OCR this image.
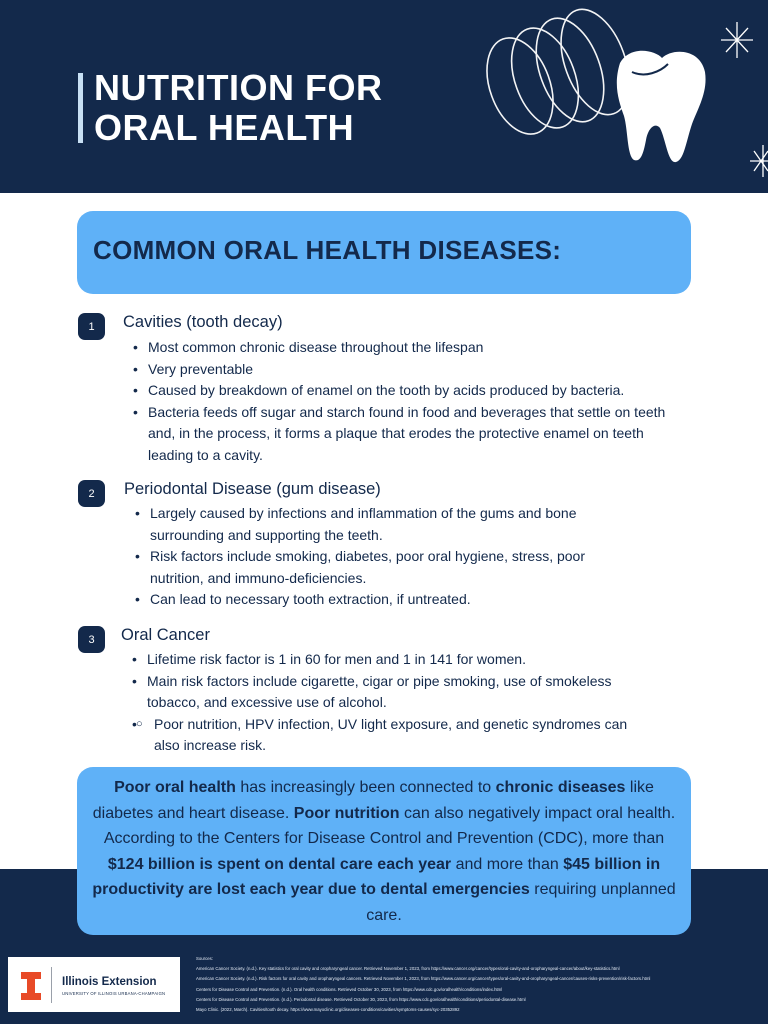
NUTRITION FOR
ORAL HEALTH
COMMON ORAL HEALTH DISEASES:
1	Cavities (tooth decay)
• Most common chronic disease throughout the lifespan
• Very preventable
• Caused by breakdown of enamel on the tooth by acids produced by bacteria.
• Bacteria feeds off sugar and starch found in food and beverages that settle on teeth and, in the process, it forms a plaque that erodes the protective enamel on teeth leading to a cavity.
2	Periodontal Disease (gum disease)
• Largely caused by infections and inflammation of the gums and bone surrounding and supporting the teeth.
• Risk factors include smoking, diabetes, poor oral hygiene, stress, poor nutrition, and immuno-deficiencies.
• Can lead to necessary tooth extraction, if untreated.
3	Oral Cancer
• Lifetime risk factor is 1 in 60 for men and 1 in 141 for women.
• Main risk factors include cigarette, cigar or pipe smoking, use of smokeless tobacco, and excessive use of alcohol.
○ • Poor nutrition, HPV infection, UV light exposure, and genetic syndromes can also increase risk.
Poor oral health has increasingly been connected to chronic diseases like diabetes and heart disease. Poor nutrition can also negatively impact oral health. According to the Centers for Disease Control and Prevention (CDC), more than $124 billion is spent on dental care each year and more than $45 billion in productivity are lost each year due to dental emergencies requiring unplanned care.
Illinois Extension
UNIVERSITY OF ILLINOIS URBANA-CHAMPAIGN

Sources:

American Cancer Society. (n.d.). Key statistics for oral cavity and oropharyngeal cancer. Retrieved November 1, 2023, from https://www.cancer.org/cancer/types/oral-cavity-and-oropharyngeal-cancer/about/key-statistics.html

American Cancer Society. (n.d.). Risk factors for oral cavity and oropharyngeal cancers. Retrieved November 1, 2023, from https://www.cancer.org/cancer/types/oral-cavity-and-oropharyngeal-cancer/causes-risks-prevention/risk-factors.html

Centers for Disease Control and Prevention. (n.d.). Oral health conditions. Retrieved October 30, 2023, from https://www.cdc.gov/oralhealth/conditions/index.html

Centers for Disease Control and Prevention. (n.d.). Periodontal disease. Retrieved October 30, 2023, from https://www.cdc.gov/oralhealth/conditions/periodontal-disease.html

Mayo Clinic. (2022, March). Cavities/tooth decay. https://www.mayoclinic.org/diseases-conditions/cavities/symptoms-causes/syc-20352892
